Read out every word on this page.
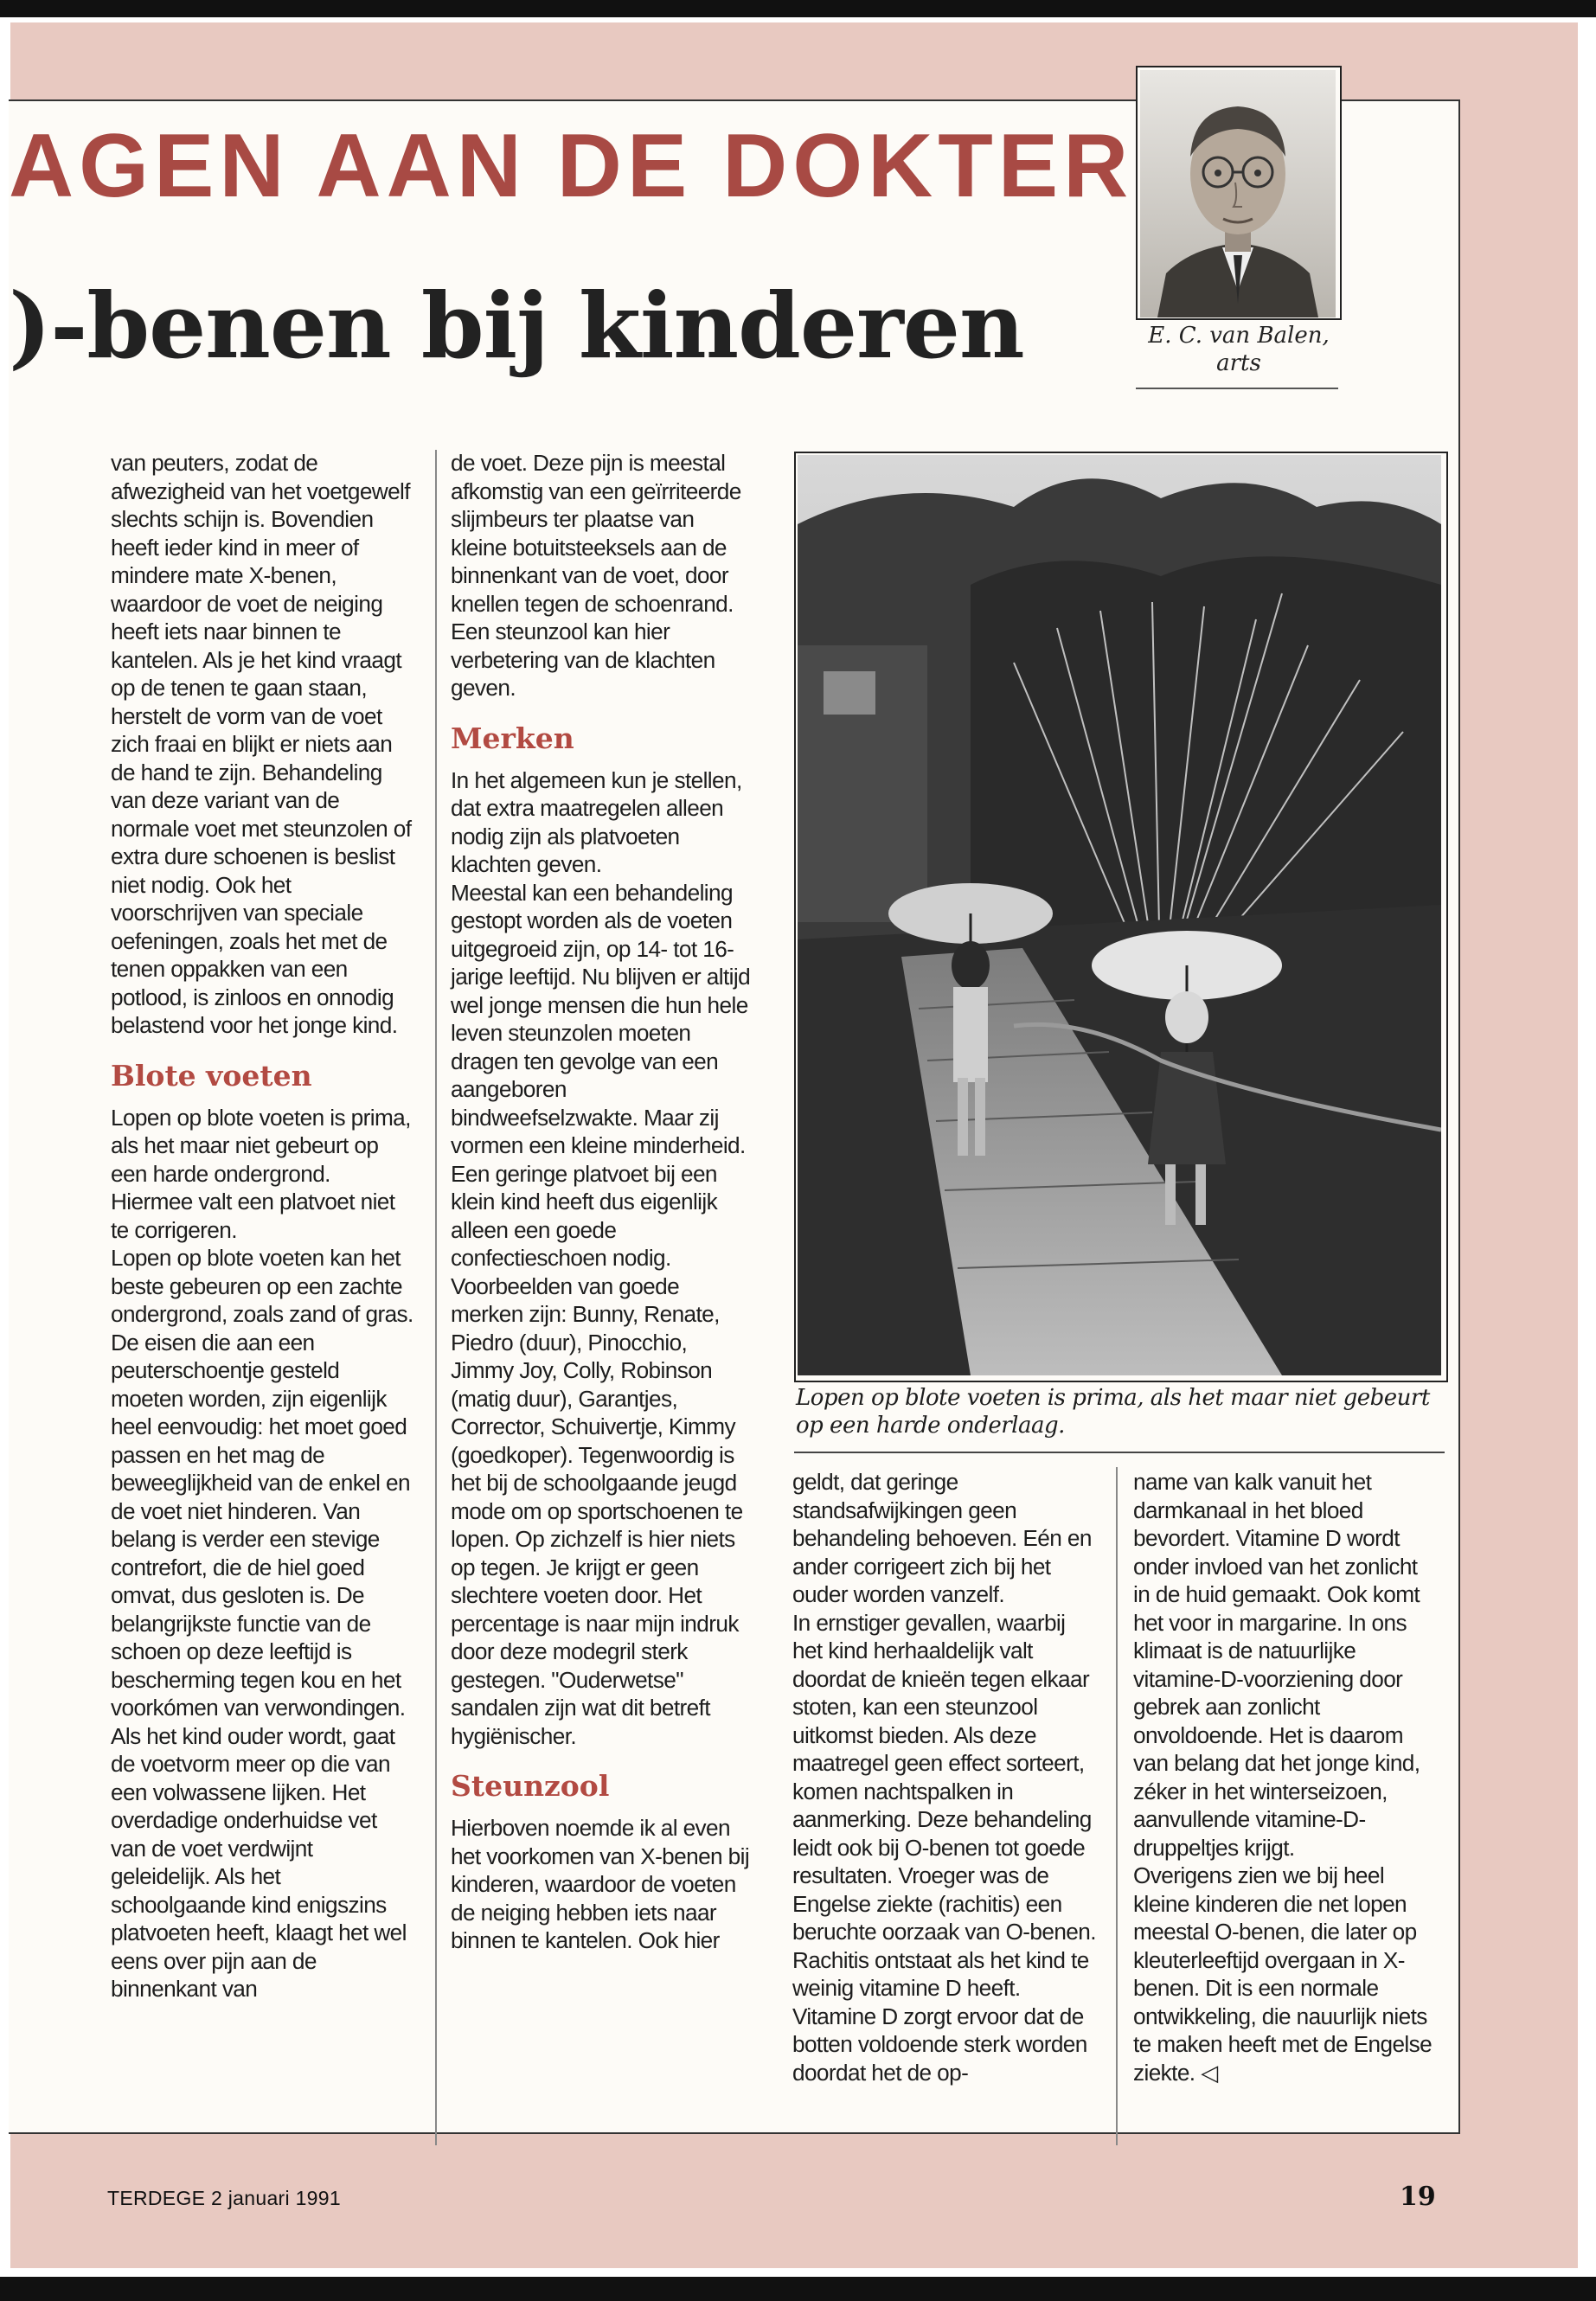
AGEN AAN DE DOKTER
)-benen bij kinderen	E. C. van Balen,
arts

van peuters, zodat de afwezigheid van het voetgewelf slechts schijn is. Bovendien heeft ieder kind in meer of mindere mate X-benen, waardoor de voet de neiging heeft iets naar binnen te kantelen. Als je het kind vraagt op de tenen te gaan staan, herstelt de vorm van de voet zich fraai en blijkt er niets aan de hand te zijn. Behandeling van deze variant van de normale voet met steunzolen of extra dure schoenen is beslist niet nodig. Ook het voorschrijven van speciale oefeningen, zoals het met de tenen oppakken van een potlood, is zinloos en onnodig belastend voor het jonge kind.

Blote voeten

Lopen op blote voeten is prima, als het maar niet gebeurt op een harde ondergrond. Hiermee valt een platvoet niet te corrigeren.

Lopen op blote voeten kan het beste gebeuren op een zachte ondergrond, zoals zand of gras. De eisen die aan een peuterschoentje gesteld moeten worden, zijn eigenlijk heel eenvoudig: het moet goed passen en het mag de beweeglijkheid van de enkel en de voet niet hinderen. Van belang is verder een stevige contrefort, die de hiel goed omvat, dus gesloten is. De belangrijkste functie van de schoen op deze leeftijd is bescherming tegen kou en het voorkómen van verwondingen.

Als het kind ouder wordt, gaat de voetvorm meer op die van een volwassene lijken. Het overdadige onderhuidse vet van de voet verdwijnt geleidelijk. Als het schoolgaande kind enigszins platvoeten heeft, klaagt het wel eens over pijn aan de binnenkant van

de voet. Deze pijn is meestal afkomstig van een geïrriteerde slijmbeurs ter plaatse van kleine botuitsteeksels aan de binnenkant van de voet, door knellen tegen de schoenrand. Een steunzool kan hier verbetering van de klachten geven.

Merken

In het algemeen kun je stellen, dat extra maatregelen alleen nodig zijn als platvoeten klachten geven.

Meestal kan een behandeling gestopt worden als de voeten uitgegroeid zijn, op 14- tot 16-jarige leeftijd. Nu blijven er altijd wel jonge mensen die hun hele leven steunzolen moeten dragen ten gevolge van een aangeboren bindweefselzwakte. Maar zij vormen een kleine minderheid.

Een geringe platvoet bij een klein kind heeft dus eigenlijk alleen een goede confectieschoen nodig.

Voorbeelden van goede merken zijn: Bunny, Renate, Piedro (duur), Pinocchio, Jimmy Joy, Colly, Robinson (matig duur), Garantjes, Corrector, Schuivertje, Kimmy (goedkoper). Tegenwoordig is het bij de schoolgaande jeugd mode om op sportschoenen te lopen. Op zichzelf is hier niets op tegen. Je krijgt er geen slechtere voeten door. Het percentage is naar mijn indruk door deze modegril sterk gestegen. "Ouderwetse" sandalen zijn wat dit betreft hygiënischer.

Steunzool

Hierboven noemde ik al even het voorkomen van X-benen bij kinderen, waardoor de voeten de neiging hebben iets naar binnen te kantelen. Ook hier

Lopen op blote voeten is prima, als het maar niet gebeurt op een harde onderlaag.

geldt, dat geringe standsafwijkingen geen behandeling behoeven. Eén en ander corrigeert zich bij het ouder worden vanzelf.

In ernstiger gevallen, waarbij het kind herhaaldelijk valt doordat de knieën tegen elkaar stoten, kan een steunzool uitkomst bieden. Als deze maatregel geen effect sorteert, komen nachtspalken in aanmerking. Deze behandeling leidt ook bij O-benen tot goede resultaten. Vroeger was de Engelse ziekte (rachitis) een beruchte oorzaak van O-benen. Rachitis ontstaat als het kind te weinig vitamine D heeft.

Vitamine D zorgt ervoor dat de botten voldoende sterk worden doordat het de op-

name van kalk vanuit het darmkanaal in het bloed bevordert. Vitamine D wordt onder invloed van het zonlicht in de huid gemaakt. Ook komt het voor in margarine. In ons klimaat is de natuurlijke vitamine-D-voorziening door gebrek aan zonlicht onvoldoende. Het is daarom van belang dat het jonge kind, zéker in het winterseizoen, aanvullende vitamine-D-druppeltjes krijgt.

Overigens zien we bij heel kleine kinderen die net lopen meestal O-benen, die later op kleuterleeftijd overgaan in X-benen. Dit is een normale ontwikkeling, die nauurlijk niets te maken heeft met de Engelse ziekte. ◁

TERDEGE 2 januari 1991	19
